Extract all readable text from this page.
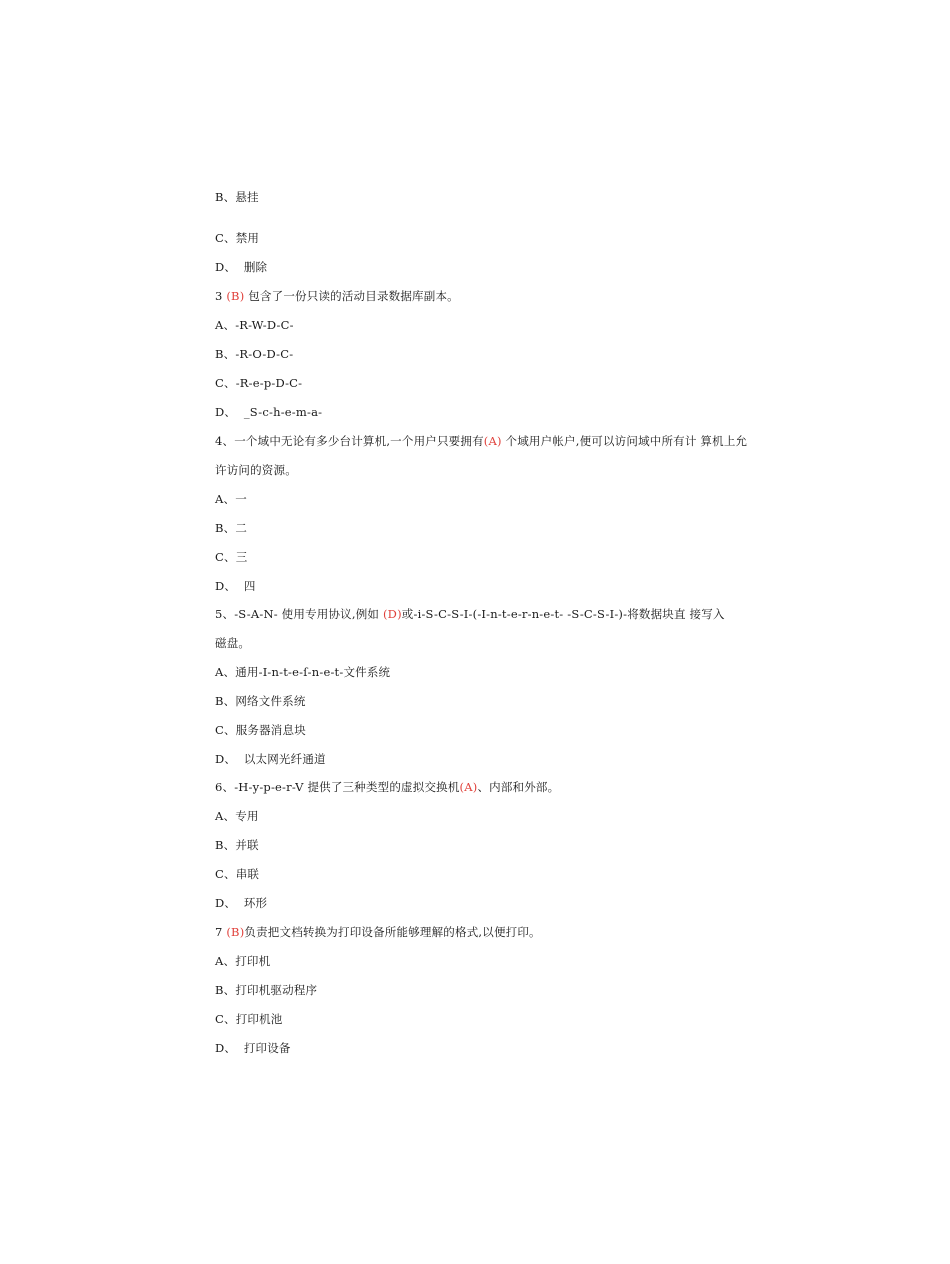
B、悬挂
C、禁用
D、  删除
3 (B) 包含了一份只读的活动目录数据库副本。
A、-R-W-D-C-
B、-R-O-D-C-
C、-R-e-p-D-C-
D、  _S-c-h-e-m-a-
4、一个域中无论有多少台计算机,一个用户只要拥有(A) 个域用户帐户,便可以访问域中所有计 算机上允
许访问的资源。
A、一
B、二
C、三
D、  四
5、-S-A-N- 使用专用协议,例如 (D)或-i-S-C-S-I-(-I-n-t-e-r-n-e-t- -S-C-S-I-)-将数据块直 接写入
磁盘。
A、通用-I-n-t-e-ſ-n-e-t-文件系统
B、网络文件系统
C、服务器消息块
D、  以太网光纤通道
6、-H-y-p-e-r-V 提供了三种类型的虚拟交换机(A)、内部和外部。
A、专用
B、并联
C、串联
D、  环形
7 (B)负责把文档转换为打印设备所能够理解的格式,以便打印。
A、打印机
B、打印机驱动程序
C、打印机池
D、  打印设备
